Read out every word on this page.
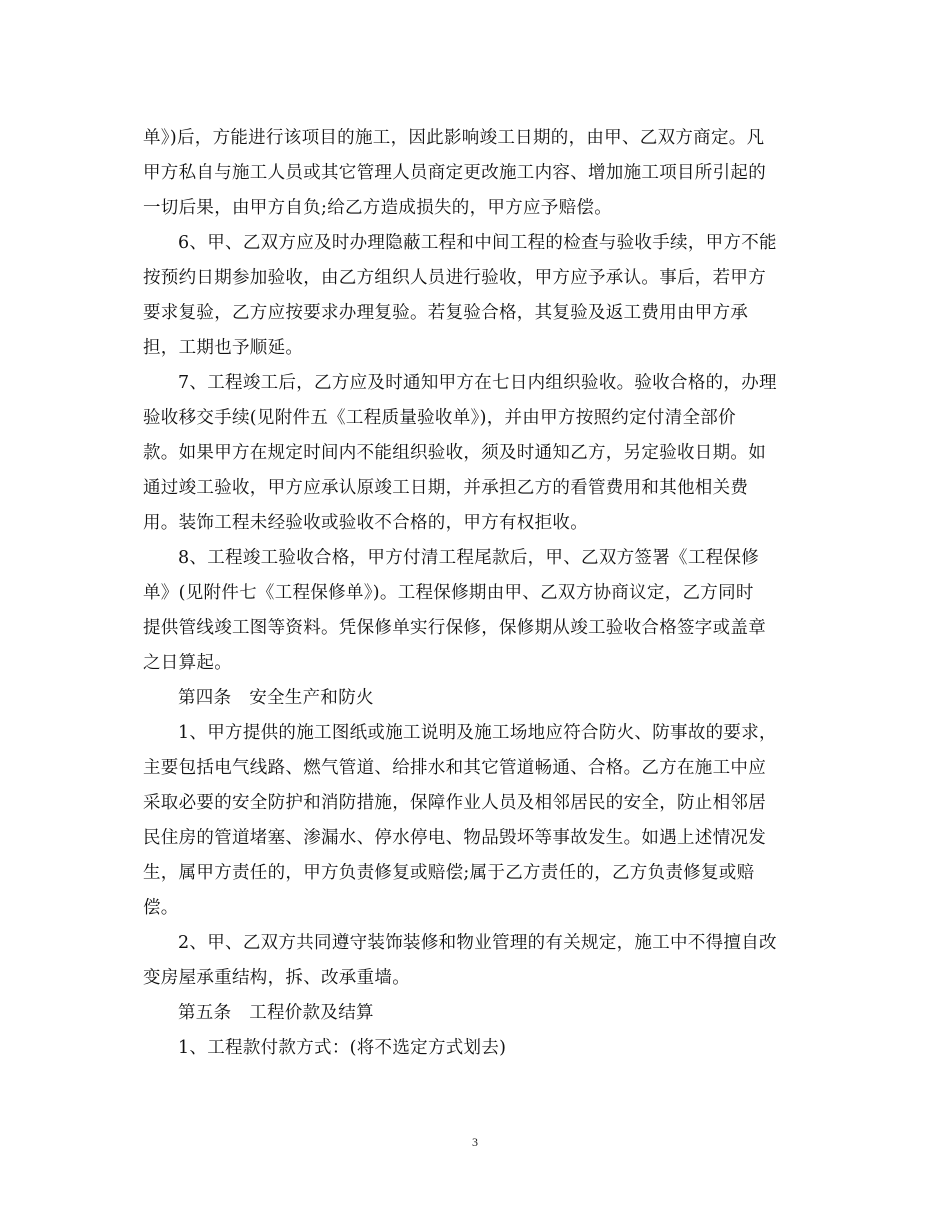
单》)后，方能进行该项目的施工，因此影响竣工日期的，由甲、乙双方商定。凡
甲方私自与施工人员或其它管理人员商定更改施工内容、增加施工项目所引起的
一切后果，由甲方自负;给乙方造成损失的，甲方应予赔偿。

6、甲、乙双方应及时办理隐蔽工程和中间工程的检查与验收手续，甲方不能
按预约日期参加验收，由乙方组织人员进行验收，甲方应予承认。事后，若甲方
要求复验，乙方应按要求办理复验。若复验合格，其复验及返工费用由甲方承
担，工期也予顺延。

7、工程竣工后，乙方应及时通知甲方在七日内组织验收。验收合格的，办理
验收移交手续(见附件五《工程质量验收单》)，并由甲方按照约定付清全部价
款。如果甲方在规定时间内不能组织验收，须及时通知乙方，另定验收日期。如
通过竣工验收，甲方应承认原竣工日期，并承担乙方的看管费用和其他相关费
用。装饰工程未经验收或验收不合格的，甲方有权拒收。

8、工程竣工验收合格，甲方付清工程尾款后，甲、乙双方签署《工程保修
单》(见附件七《工程保修单》)。工程保修期由甲、乙双方协商议定，乙方同时
提供管线竣工图等资料。凭保修单实行保修，保修期从竣工验收合格签字或盖章
之日算起。

第四条　安全生产和防火

1、甲方提供的施工图纸或施工说明及施工场地应符合防火、防事故的要求，
主要包括电气线路、燃气管道、给排水和其它管道畅通、合格。乙方在施工中应
采取必要的安全防护和消防措施，保障作业人员及相邻居民的安全，防止相邻居
民住房的管道堵塞、渗漏水、停水停电、物品毁坏等事故发生。如遇上述情况发
生，属甲方责任的，甲方负责修复或赔偿;属于乙方责任的，乙方负责修复或赔
偿。

2、甲、乙双方共同遵守装饰装修和物业管理的有关规定，施工中不得擅自改
变房屋承重结构，拆、改承重墙。

第五条　工程价款及结算

1、工程款付款方式：(将不选定方式划去)

3
